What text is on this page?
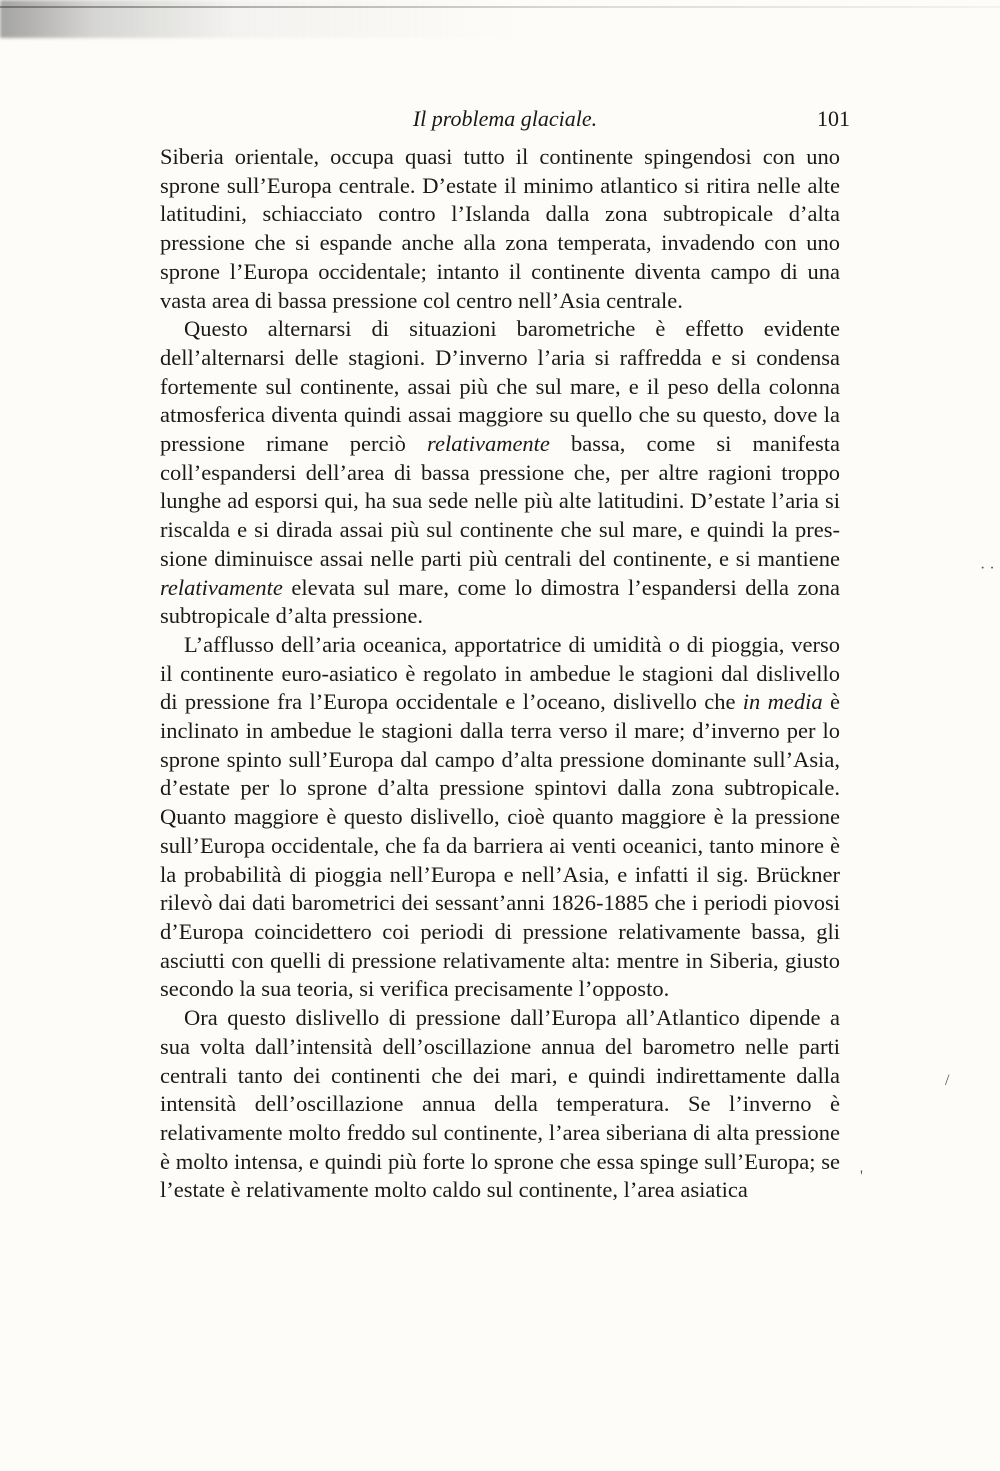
Il problema glaciale.	101

Siberia orientale, occupa quasi tutto il continente spingendosi con uno sprone sull’Europa centrale. D’estate il minimo atlantico si ritira nelle alte latitudini, schiacciato contro l’Islanda dalla zona subtropicale d’alta pressione che si espande anche alla zona temperata, invadendo con uno sprone l’Europa occidentale; intanto il continente diventa campo di una vasta area di bassa pressione col centro nell’Asia centrale.

Questo alternarsi di situazioni barometriche è effetto evidente dell’alternarsi delle stagioni. D’inverno l’aria si raffredda e si condensa fortemente sul continente, assai più che sul mare, e il peso della colonna atmosferica diventa quindi assai maggiore su quello che su questo, dove la pressione rimane perciò relativamente bassa, come si manifesta coll’espandersi dell’area di bassa pressione che, per altre ragioni troppo lunghe ad esporsi qui, ha sua sede nelle più alte latitudini. D’estate l’aria si riscalda e si dirada assai più sul continente che sul mare, e quindi la pressione diminuisce assai nelle parti più centrali del continente, e si mantiene relativamente elevata sul mare, come lo dimostra l’espandersi della zona subtropicale d’alta pressione.

L’afflusso dell’aria oceanica, apportatrice di umidità o di pioggia, verso il continente euro-asiatico è regolato in ambedue le stagioni dal dislivello di pressione fra l’Europa occidentale e l’oceano, dislivello che in media è inclinato in ambedue le stagioni dalla terra verso il mare; d’inverno per lo sprone spinto sull’Europa dal campo d’alta pressione dominante sull’Asia, d’estate per lo sprone d’alta pressione spintovi dalla zona subtropicale. Quanto maggiore è questo dislivello, cioè quanto maggiore è la pressione sull’Europa occidentale, che fa da barriera ai venti oceanici, tanto minore è la probabilità di pioggia nell’Europa e nell’Asia, e infatti il sig. Brückner rilevò dai dati barometrici dei sessant’anni 1826-1885 che i periodi piovosi d’Europa coincidettero coi periodi di pressione relativamente bassa, gli asciutti con quelli di pressione relativamente alta: mentre in Siberia, giusto secondo la sua teoria, si verifica precisamente l’opposto.

Ora questo dislivello di pressione dall’Europa all’Atlantico dipende a sua volta dall’intensità dell’oscillazione annua del barometro nelle parti centrali tanto dei continenti che dei mari, e quindi indirettamente dalla intensità dell’oscillazione annua della temperatura. Se l’inverno è relativamente molto freddo sul continente, l’area siberiana di alta pressione è molto intensa, e quindi più forte lo sprone che essa spinge sull’Europa; se l’estate è relativamente molto caldo sul continente, l’area asiatica

· ·
'
/
